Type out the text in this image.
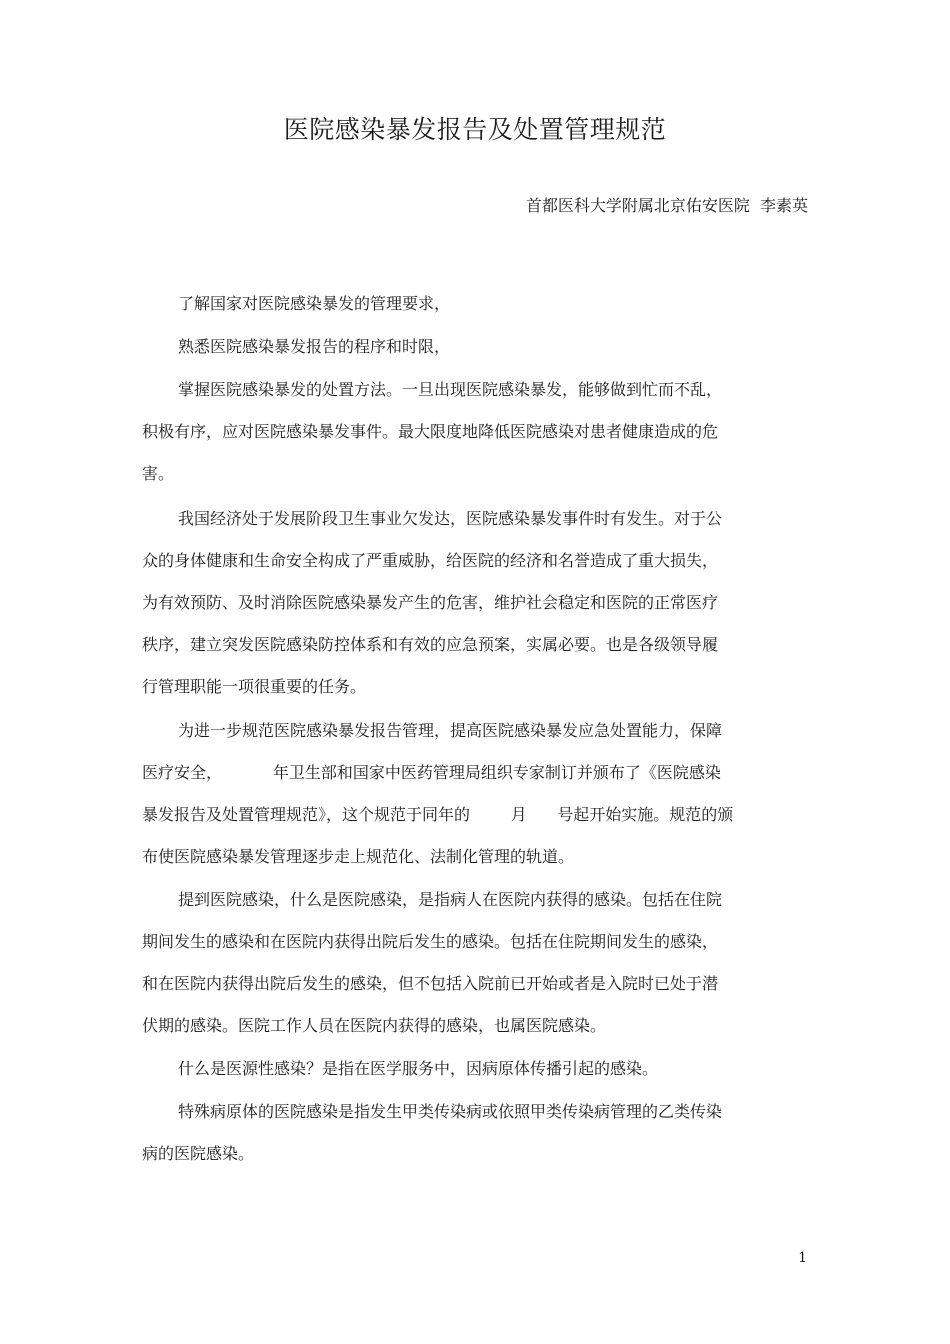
医院感染暴发报告及处置管理规范
首都医科大学附属北京佑安医院  李素英
了解国家对医院感染暴发的管理要求，
熟悉医院感染暴发报告的程序和时限，
掌握医院感染暴发的处置方法。一旦出现医院感染暴发，能够做到忙而不乱，
积极有序，应对医院感染暴发事件。最大限度地降低医院感染对患者健康造成的危
害。
我国经济处于发展阶段卫生事业欠发达，医院感染暴发事件时有发生。对于公
众的身体健康和生命安全构成了严重威胁，给医院的经济和名誉造成了重大损失，
为有效预防、及时消除医院感染暴发产生的危害，维护社会稳定和医院的正常医疗
秩序，建立突发医院感染防控体系和有效的应急预案，实属必要。也是各级领导履
行管理职能一项很重要的任务。
为进一步规范医院感染暴发报告管理，提高医院感染暴发应急处置能力，保障
医疗安全，          年卫生部和国家中医药管理局组织专家制订并颁布了《医院感染
暴发报告及处置管理规范》，这个规范于同年的        月      号起开始实施。规范的颁
布使医院感染暴发管理逐步走上规范化、法制化管理的轨道。
提到医院感染，什么是医院感染，是指病人在医院内获得的感染。包括在住院
期间发生的感染和在医院内获得出院后发生的感染。包括在住院期间发生的感染，
和在医院内获得出院后发生的感染，但不包括入院前已开始或者是入院时已处于潜
伏期的感染。医院工作人员在医院内获得的感染，也属医院感染。
什么是医源性感染？是指在医学服务中，因病原体传播引起的感染。
特殊病原体的医院感染是指发生甲类传染病或依照甲类传染病管理的乙类传染
病的医院感染。
1
